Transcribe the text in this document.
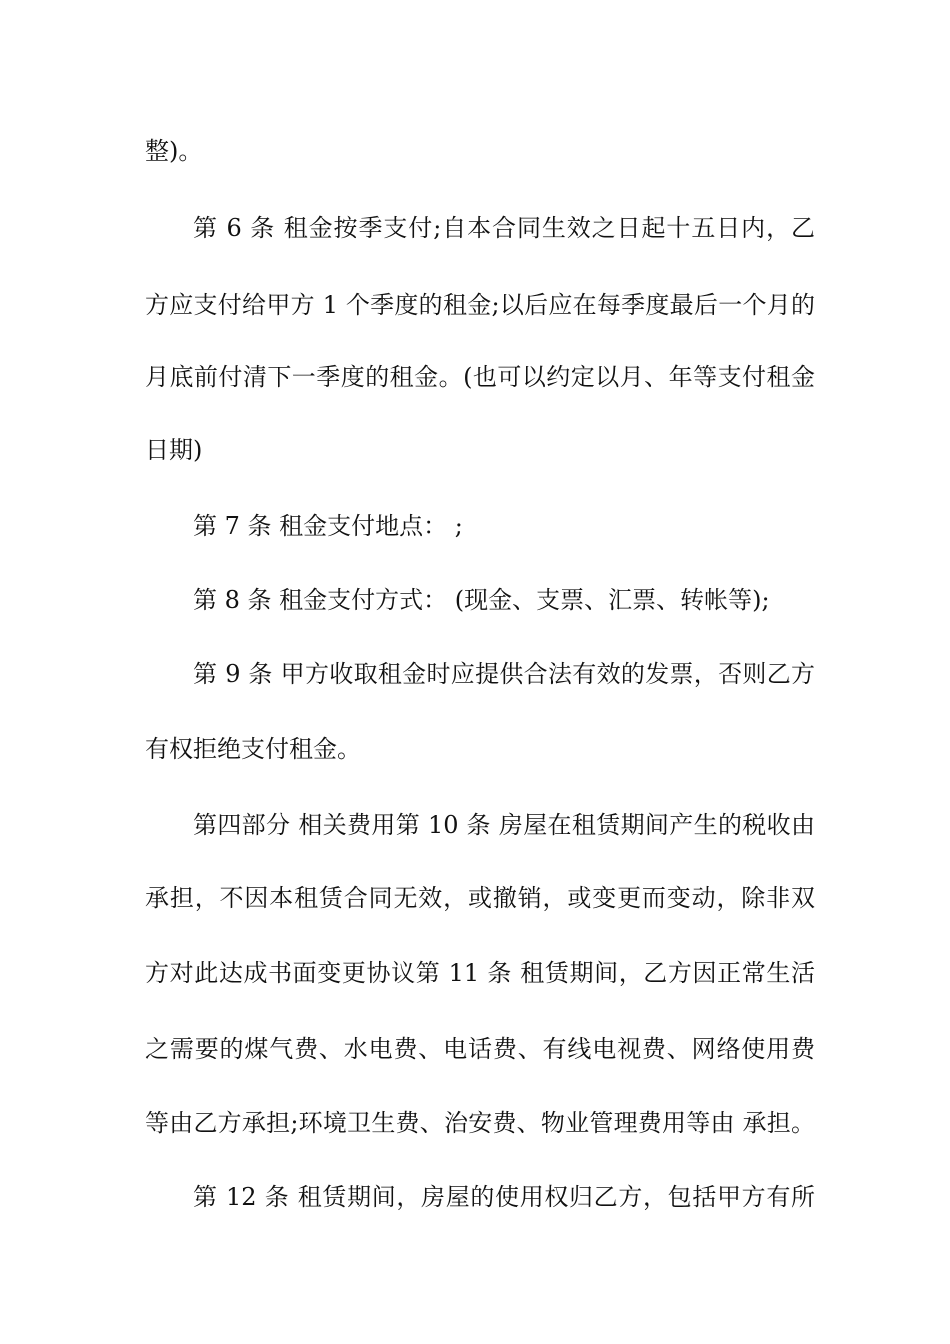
整)。
第 6 条 租金按季支付;自本合同生效之日起十五日内，乙
方应支付给甲方 1 个季度的租金;以后应在每季度最后一个月的
月底前付清下一季度的租金。(也可以约定以月、年等支付租金
日期)
第 7 条 租金支付地点： ;
第 8 条 租金支付方式： (现金、支票、汇票、转帐等);
第 9 条 甲方收取租金时应提供合法有效的发票，否则乙方
有权拒绝支付租金。
第四部分 相关费用第 10 条 房屋在租赁期间产生的税收由
承担，不因本租赁合同无效，或撤销，或变更而变动，除非双
方对此达成书面变更协议第 11 条 租赁期间，乙方因正常生活
之需要的煤气费、水电费、电话费、有线电视费、网络使用费
等由乙方承担;环境卫生费、治安费、物业管理费用等由 承担。
第 12 条 租赁期间，房屋的使用权归乙方，包括甲方有所
